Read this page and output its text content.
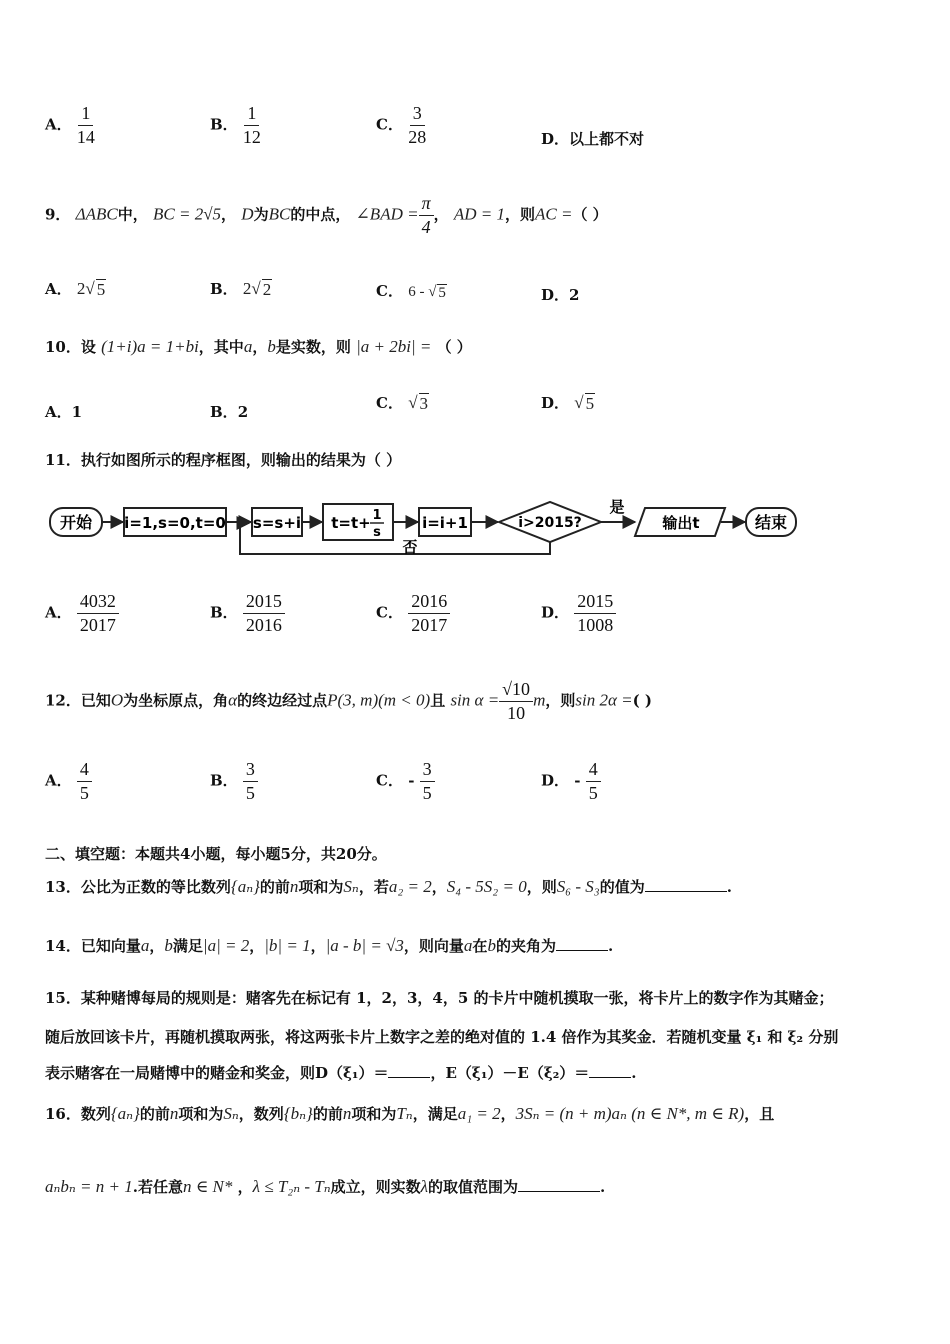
A． $\frac{1}{14}$	B． $\frac{1}{12}$	C． $\frac{3}{28}$	D．以上都不对
9． ΔABC中， BC = 2√5， D为BC的中点， ∠BAD = $\frac{\pi}{4}$ ， AD = 1，则AC =（ ）
A． 2√ 5	B． 2√ 2	C． 6 - √ 5	D．2
10．设 (1+i)a = 1+bi，其中a，b是实数，则 |a + 2bi| = （ ）
A．1	B．2	C． √ 3	D． √ 5
11．执行如图所示的程序框图，则输出的结果为（ ）
开始 i=1,s=0,t=0 s=s+i t=t+ 1
s
i=i+1	i>2015?
是
输出t	结束
否
A． $\frac{4032}{2017}$	B． $\frac{2015}{2016}$	C． $\frac{2016}{2017}$	D． $\frac{2015}{1008}$
12．已知O为坐标原点，角α的终边经过点P(3, m)(m < 0)且 $\sin \alpha = \frac{√10}{10}$ m，则sin 2α =( )
A． $\frac{4}{5}$	B． $\frac{3}{5}$	C． - $\frac{3}{5}$	D． - $\frac{4}{5}$
二、填空题：本题共4小题，每小题5分，共20分。
13．公比为正数的等比数列{aₙ}的前n项和为Sₙ，若a₂ = 2，S₄ - 5S₂ = 0，则S₆ - S₃的值为	.
14．已知向量a，b满足|a| = 2，|b| = 1，|a - b| = √3，则向量a在b的夹角为	.
15．某种赌博每局的规则是：赌客先在标记有 1，2，3，4，5 的卡片中随机摸取一张，将卡片上的数字作为其赌金；
随后放回该卡片，再随机摸取两张，将这两张卡片上数字之差的绝对值的 1.4 倍作为其奖金．若随机变量 ξ₁ 和 ξ₂ 分别
表示赌客在一局赌博中的赌金和奖金，则D（ξ₁）＝	，E（ξ₁）－E（ξ₂）＝	.
16．数列{aₙ}的前n项和为Sₙ，数列{bₙ}的前n项和为Tₙ，满足a₁ = 2，3Sₙ = (n + m)aₙ (n ∈ N*, m ∈ R)，且
aₙbₙ = n + 1.若任意n ∈ N* ，λ ≤ T₂ₙ - Tₙ成立，则实数λ的取值范围为	.
